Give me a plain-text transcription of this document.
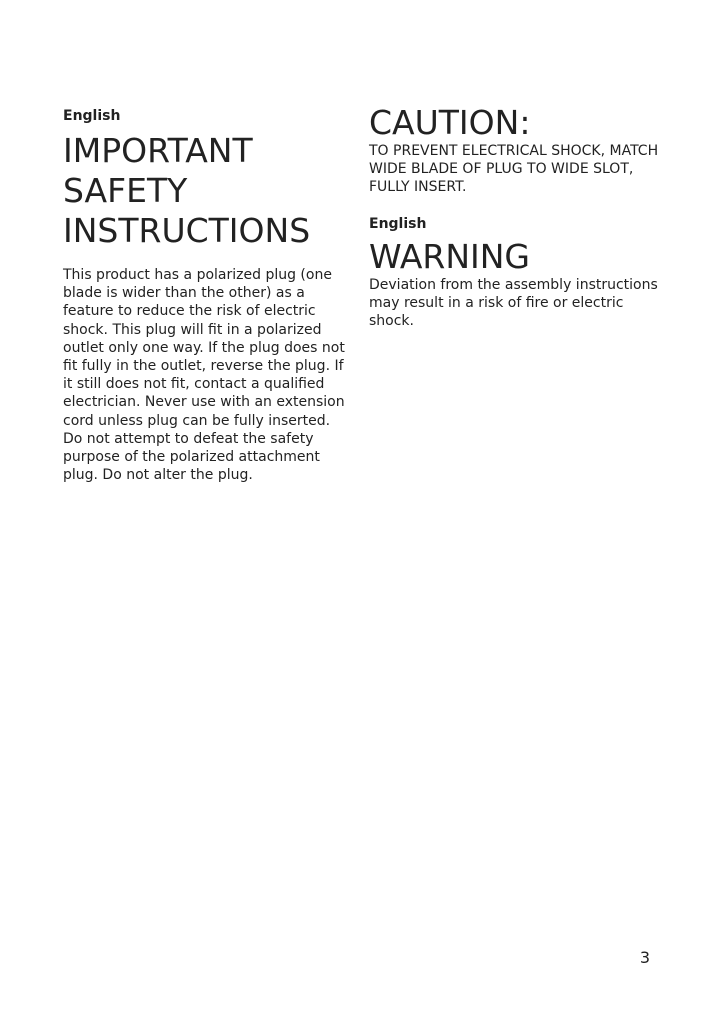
English

IMPORTANT
SAFETY
INSTRUCTIONS

This product has a polarized plug (one blade is wider than the other) as a feature to reduce the risk of electric shock. This plug will fit in a polarized outlet only one way. If the plug does not fit fully in the outlet, reverse the plug. If it still does not fit, contact a qualified electrician. Never use with an extension cord unless plug can be fully inserted. Do not attempt to defeat the safety purpose of the polarized attachment plug. Do not alter the plug.

CAUTION:

TO PREVENT ELECTRICAL SHOCK, MATCH WIDE BLADE OF PLUG TO WIDE SLOT, FULLY INSERT.

English

WARNING

Deviation from the assembly instructions may result in a risk of fire or electric shock.

3
